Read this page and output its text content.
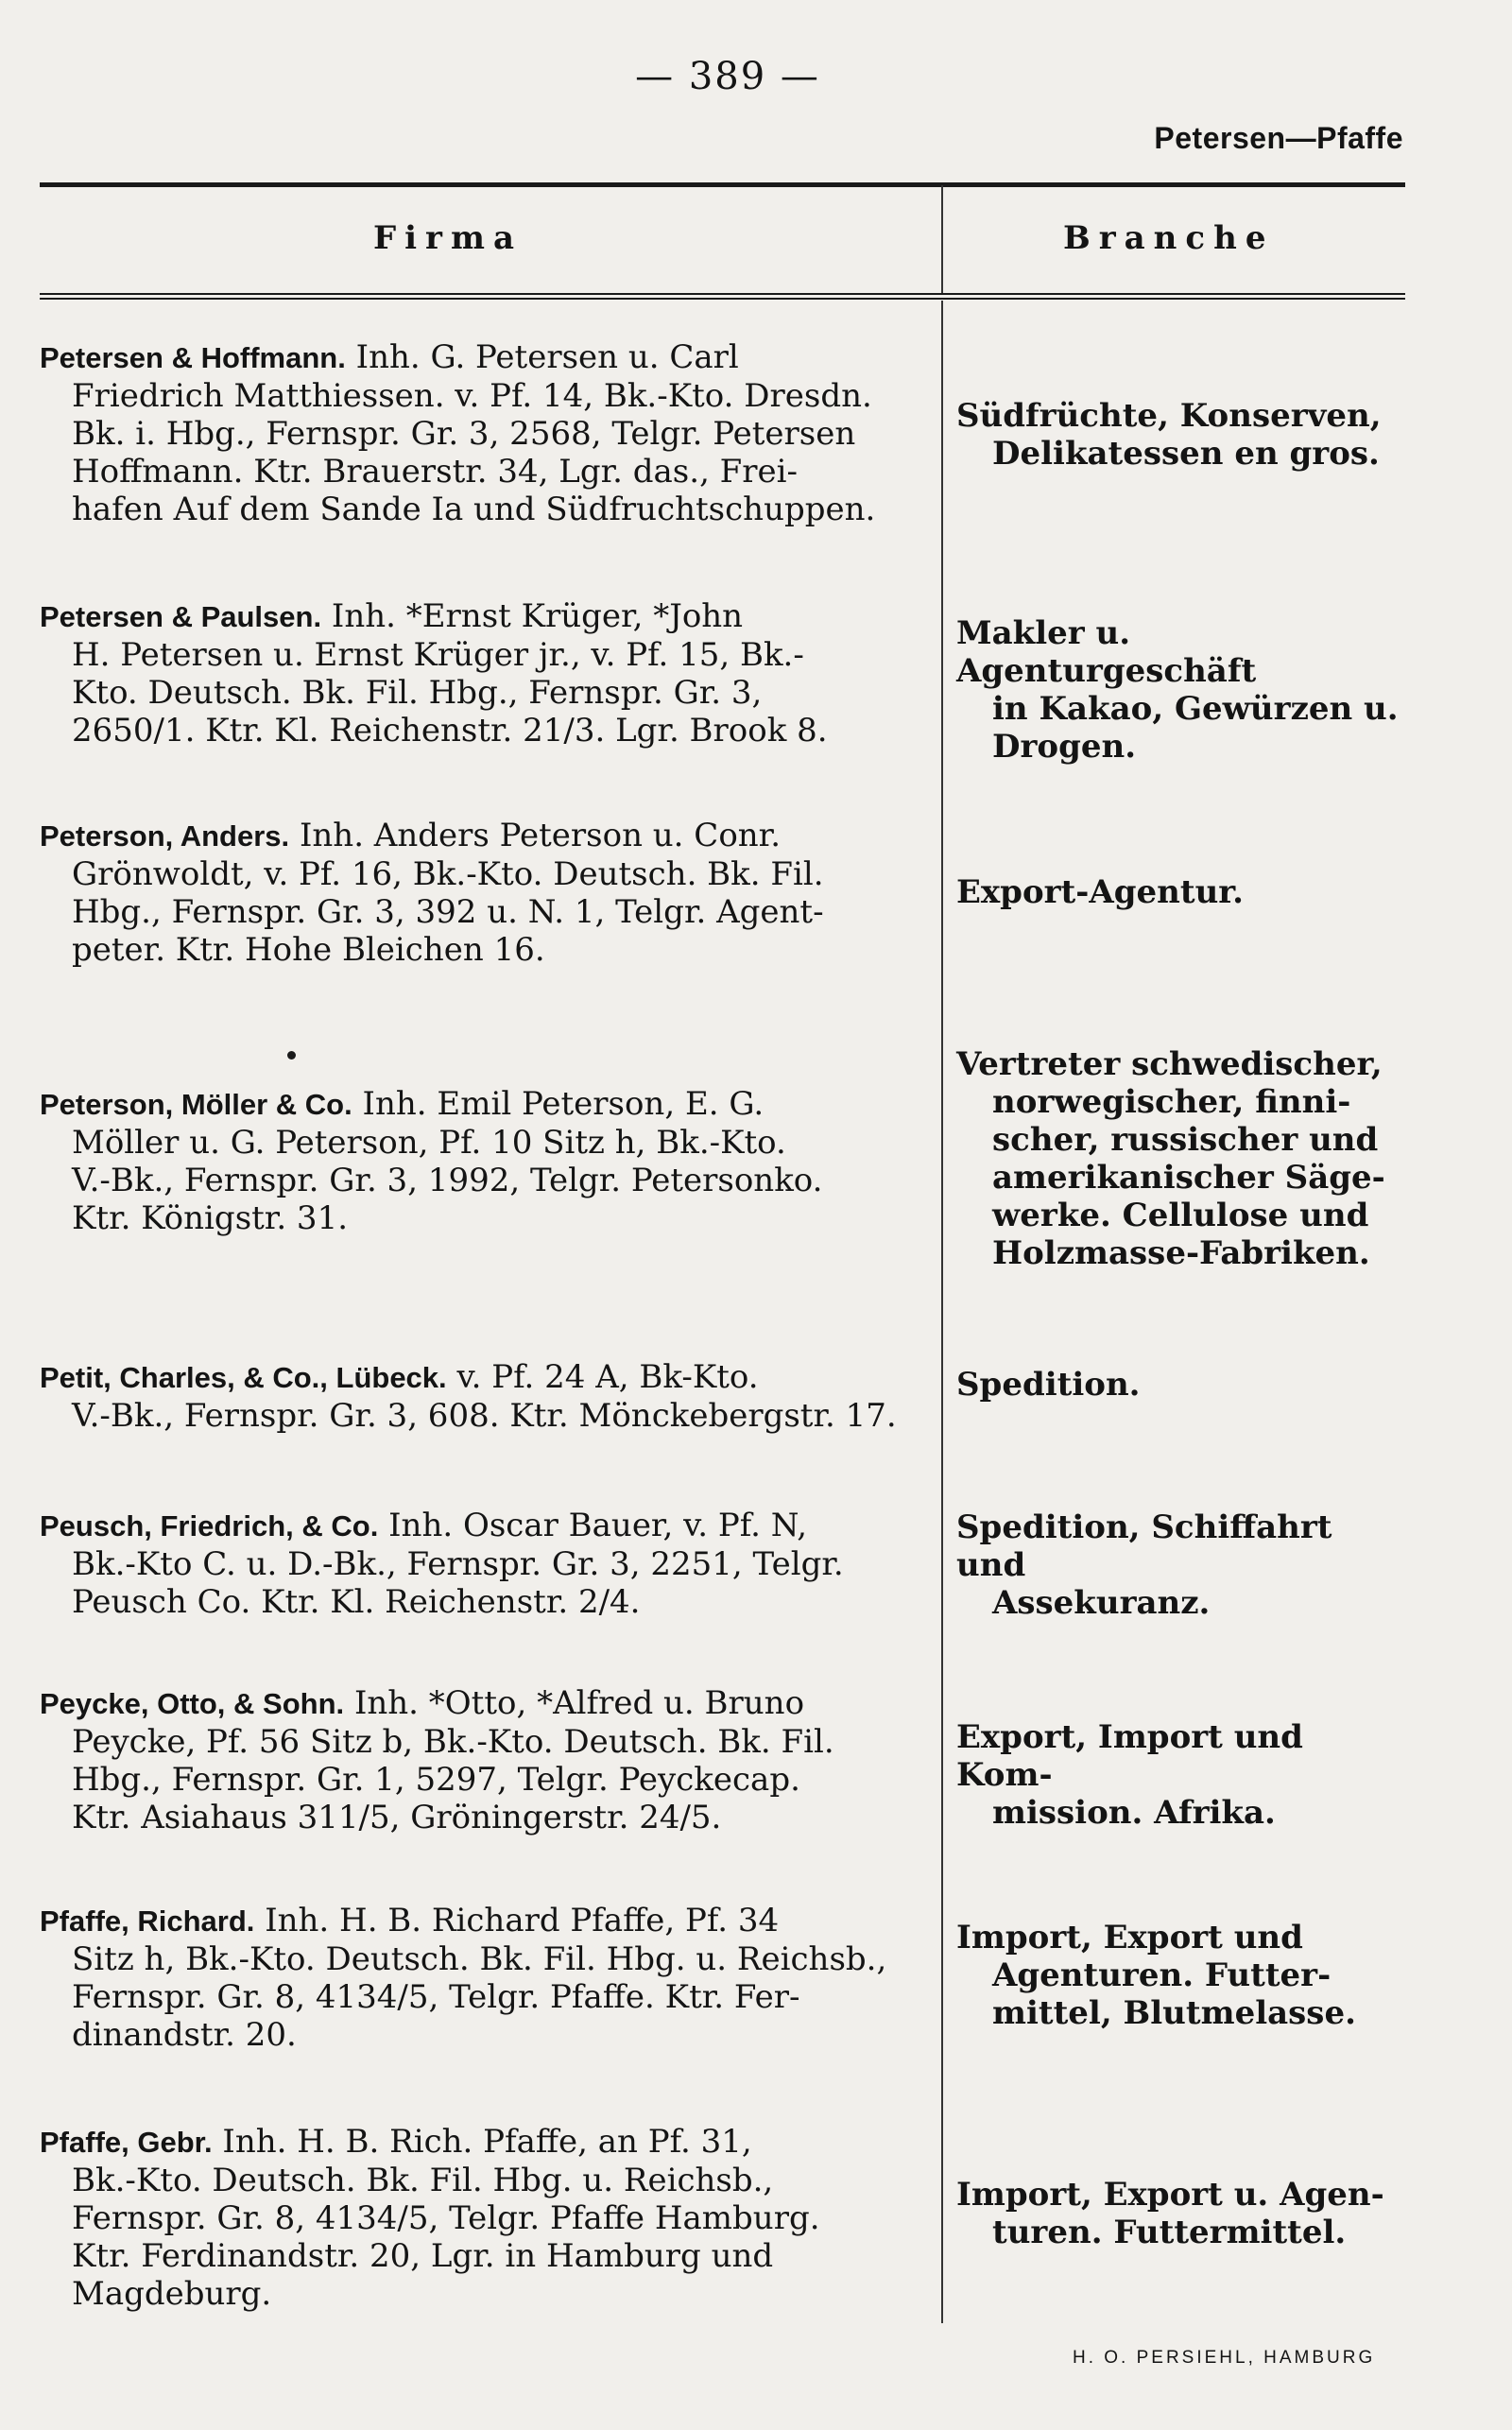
— 389 —
Petersen—Pfaffe
Firma	Branche
Petersen & Hoffmann. Inh. G. Petersen u. Carl
Friedrich Matthiessen. v. Pf. 14, Bk.-Kto. Dresdn.
Bk. i. Hbg., Fernspr. Gr. 3, 2568, Telgr. Petersen
Hoffmann. Ktr. Brauerstr. 34, Lgr. das., Frei-
hafen Auf dem Sande Ia und Südfruchtschuppen.
Südfrüchte, Konserven,
Delikatessen en gros.
Petersen & Paulsen. Inh. *Ernst Krüger, *John
H. Petersen u. Ernst Krüger jr., v. Pf. 15, Bk.-
Kto. Deutsch. Bk. Fil. Hbg., Fernspr. Gr. 3,
2650/1. Ktr. Kl. Reichenstr. 21/3. Lgr. Brook 8.
Makler u. Agenturgeschäft
in Kakao, Gewürzen u.
Drogen.
Peterson, Anders. Inh. Anders Peterson u. Conr.
Grönwoldt, v. Pf. 16, Bk.-Kto. Deutsch. Bk. Fil.
Hbg., Fernspr. Gr. 3, 392 u. N. 1, Telgr. Agent-
peter. Ktr. Hohe Bleichen 16.
Export-Agentur.
Peterson, Möller & Co. Inh. Emil Peterson, E. G.
Möller u. G. Peterson, Pf. 10 Sitz h, Bk.-Kto.
V.-Bk., Fernspr. Gr. 3, 1992, Telgr. Petersonko.
Ktr. Königstr. 31.
Vertreter schwedischer,
norwegischer, finni-
scher, russischer und
amerikanischer Säge-
werke. Cellulose und
Holzmasse-Fabriken.
Petit, Charles, & Co., Lübeck. v. Pf. 24 A, Bk-Kto.
V.-Bk., Fernspr. Gr. 3, 608. Ktr. Mönckebergstr. 17.
Spedition.
Peusch, Friedrich, & Co. Inh. Oscar Bauer, v. Pf. N,
Bk.-Kto C. u. D.-Bk., Fernspr. Gr. 3, 2251, Telgr.
Peusch Co. Ktr. Kl. Reichenstr. 2/4.
Spedition, Schiffahrt und
Assekuranz.
Peycke, Otto, & Sohn. Inh. *Otto, *Alfred u. Bruno
Peycke, Pf. 56 Sitz b, Bk.-Kto. Deutsch. Bk. Fil.
Hbg., Fernspr. Gr. 1, 5297, Telgr. Peyckecap.
Ktr. Asiahaus 311/5, Gröningerstr. 24/5.
Export, Import und Kom-
mission. Afrika.
Pfaffe, Richard. Inh. H. B. Richard Pfaffe, Pf. 34
Sitz h, Bk.-Kto. Deutsch. Bk. Fil. Hbg. u. Reichsb.,
Fernspr. Gr. 8, 4134/5, Telgr. Pfaffe. Ktr. Fer-
dinandstr. 20.
Import, Export und
Agenturen. Futter-
mittel, Blutmelasse.
Pfaffe, Gebr. Inh. H. B. Rich. Pfaffe, an Pf. 31,
Bk.-Kto. Deutsch. Bk. Fil. Hbg. u. Reichsb.,
Fernspr. Gr. 8, 4134/5, Telgr. Pfaffe Hamburg.
Ktr. Ferdinandstr. 20, Lgr. in Hamburg und
Magdeburg.
Import, Export u. Agen-
turen. Futtermittel.
H. O. PERSIEHL, HAMBURG
